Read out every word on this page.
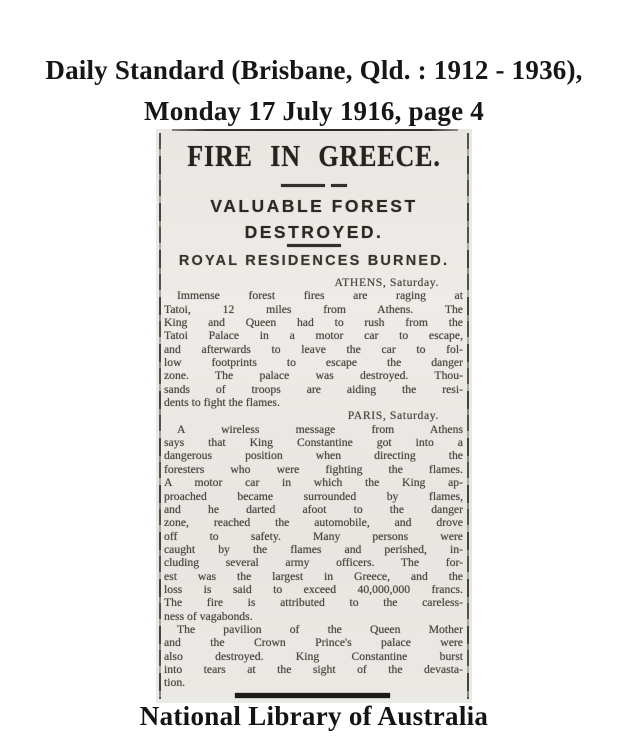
Daily Standard (Brisbane, Qld. : 1912 - 1936),
Monday 17 July 1916, page 4
FIRE IN GREECE.
VALUABLE FOREST
DESTROYED.
ROYAL RESIDENCES BURNED.
ATHENS, Saturday.
Immense forest fires are raging at
Tatoi, 12 miles from Athens. The
King and Queen had to rush from the
Tatoi Palace in a motor car to escape,
and afterwards to leave the car to fol-
low footprints to escape the danger
zone. The palace was destroyed. Thou-
sands of troops are aiding the resi-
dents to fight the flames.
PARIS, Saturday.
A wireless message from Athens
says that King Constantine got into a
dangerous position when directing the
foresters who were fighting the flames.
A motor car in which the King ap-
proached became surrounded by flames,
and he darted afoot to the danger
zone, reached the automobile, and drove
off to safety. Many persons were
caught by the flames and perished, in-
cluding several army officers. The for-
est was the largest in Greece, and the
loss is said to exceed 40,000,000 francs.
The fire is attributed to the careless-
ness of vagabonds.
The pavilion of the Queen Mother
and the Crown Prince's palace were
also destroyed. King Constantine burst
into tears at the sight of the devasta-
tion.
National Library of Australia
